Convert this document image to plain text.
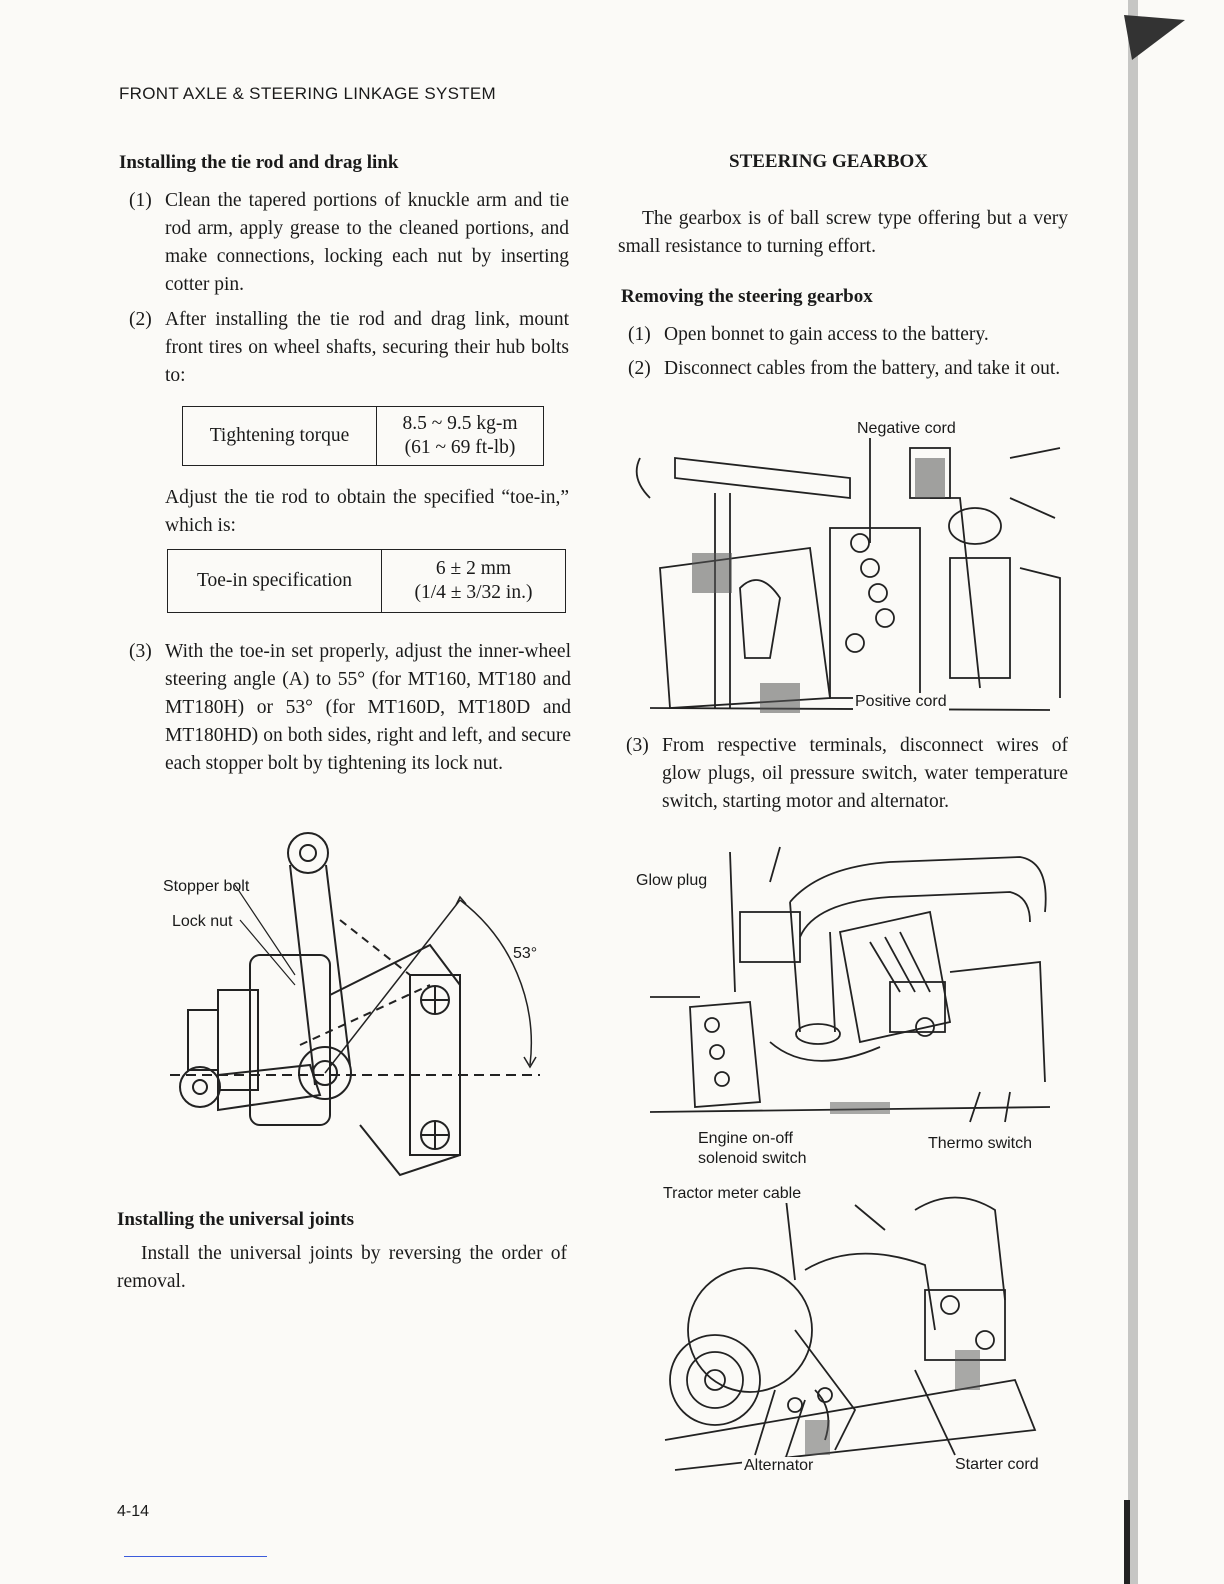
FRONT AXLE & STEERING LINKAGE SYSTEM
Installing the tie rod and drag link
(1) Clean the tapered portions of knuckle arm and tie rod arm, apply grease to the cleaned portions, and make connections, locking each nut by inserting cotter pin.
(2) After installing the tie rod and drag link, mount front tires on wheel shafts, securing their hub bolts to:
Tightening torque
8.5 ~ 9.5 kg-m
(61 ~ 69 ft-lb)
Adjust the tie rod to obtain the specified “toe-in,” which is:
Toe-in specification
6 ± 2 mm
(1/4 ± 3/32 in.)
(3) With the toe-in set properly, adjust the inner-wheel steering angle (A) to 55° (for MT160, MT180 and MT180H) or 53° (for MT160D, MT180D and MT180HD) on both sides, right and left, and secure each stopper bolt by tightening its lock nut.
Stopper bolt
Lock nut
53°
Installing the universal joints
Install the universal joints by reversing the order of removal.
STEERING GEARBOX
The gearbox is of ball screw type offering but a very small resistance to turning effort.
Removing the steering gearbox
(1) Open bonnet to gain access to the battery.
(2) Disconnect cables from the battery, and take it out.
Negative cord
Positive cord
(3) From respective terminals, disconnect wires of glow plugs, oil pressure switch, water temperature switch, starting motor and alternator.
Glow plug
Engine on-off
solenoid switch
Thermo switch
Tractor meter cable
Alternator	Starter cord
4-14
